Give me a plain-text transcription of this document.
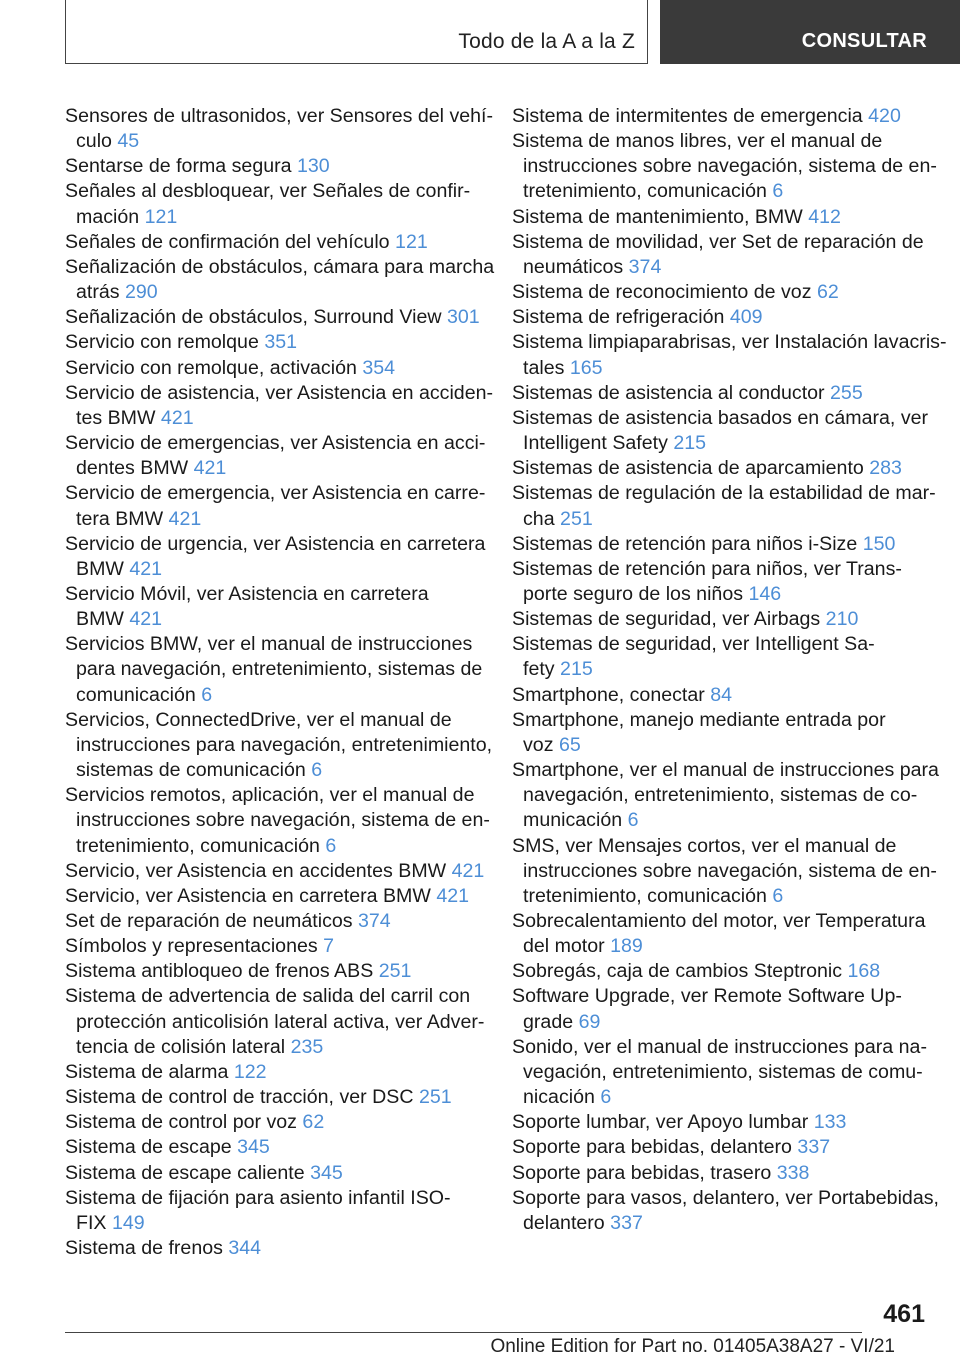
Todo de la A a la Z	CONSULTAR
Sensores de ultrasonidos, ver Sensores del vehí-
culo 45
Sentarse de forma segura 130
Señales al desbloquear, ver Señales de confir-
mación 121
Señales de confirmación del vehículo 121
Señalización de obstáculos, cámara para marcha
atrás 290
Señalización de obstáculos, Surround View 301
Servicio con remolque 351
Servicio con remolque, activación 354
Servicio de asistencia, ver Asistencia en acciden-
tes BMW 421
Servicio de emergencias, ver Asistencia en acci-
dentes BMW 421
Servicio de emergencia, ver Asistencia en carre-
tera BMW 421
Servicio de urgencia, ver Asistencia en carretera
BMW 421
Servicio Móvil, ver Asistencia en carretera
BMW 421
Servicios BMW, ver el manual de instrucciones
para navegación, entretenimiento, sistemas de
comunicación 6
Servicios, ConnectedDrive, ver el manual de
instrucciones para navegación, entretenimiento,
sistemas de comunicación 6
Servicios remotos, aplicación, ver el manual de
instrucciones sobre navegación, sistema de en-
tretenimiento, comunicación 6
Servicio, ver Asistencia en accidentes BMW 421
Servicio, ver Asistencia en carretera BMW 421
Set de reparación de neumáticos 374
Símbolos y representaciones 7
Sistema antibloqueo de frenos ABS 251
Sistema de advertencia de salida del carril con
protección anticolisión lateral activa, ver Adver-
tencia de colisión lateral 235
Sistema de alarma 122
Sistema de control de tracción, ver DSC 251
Sistema de control por voz 62
Sistema de escape 345
Sistema de escape caliente 345
Sistema de fijación para asiento infantil ISO-
FIX 149
Sistema de frenos 344
Sistema de intermitentes de emergencia 420
Sistema de manos libres, ver el manual de
instrucciones sobre navegación, sistema de en-
tretenimiento, comunicación 6
Sistema de mantenimiento, BMW 412
Sistema de movilidad, ver Set de reparación de
neumáticos 374
Sistema de reconocimiento de voz 62
Sistema de refrigeración 409
Sistema limpiaparabrisas, ver Instalación lavacris-
tales 165
Sistemas de asistencia al conductor 255
Sistemas de asistencia basados en cámara, ver
Intelligent Safety 215
Sistemas de asistencia de aparcamiento 283
Sistemas de regulación de la estabilidad de mar-
cha 251
Sistemas de retención para niños i-Size 150
Sistemas de retención para niños, ver Trans-
porte seguro de los niños 146
Sistemas de seguridad, ver Airbags 210
Sistemas de seguridad, ver Intelligent Sa-
fety 215
Smartphone, conectar 84
Smartphone, manejo mediante entrada por
voz 65
Smartphone, ver el manual de instrucciones para
navegación, entretenimiento, sistemas de co-
municación 6
SMS, ver Mensajes cortos, ver el manual de
instrucciones sobre navegación, sistema de en-
tretenimiento, comunicación 6
Sobrecalentamiento del motor, ver Temperatura
del motor 189
Sobregás, caja de cambios Steptronic 168
Software Upgrade, ver Remote Software Up-
grade 69
Sonido, ver el manual de instrucciones para na-
vegación, entretenimiento, sistemas de comu-
nicación 6
Soporte lumbar, ver Apoyo lumbar 133
Soporte para bebidas, delantero 337
Soporte para bebidas, trasero 338
Soporte para vasos, delantero, ver Portabebidas,
delantero 337
461
Online Edition for Part no. 01405A38A27 - VI/21
